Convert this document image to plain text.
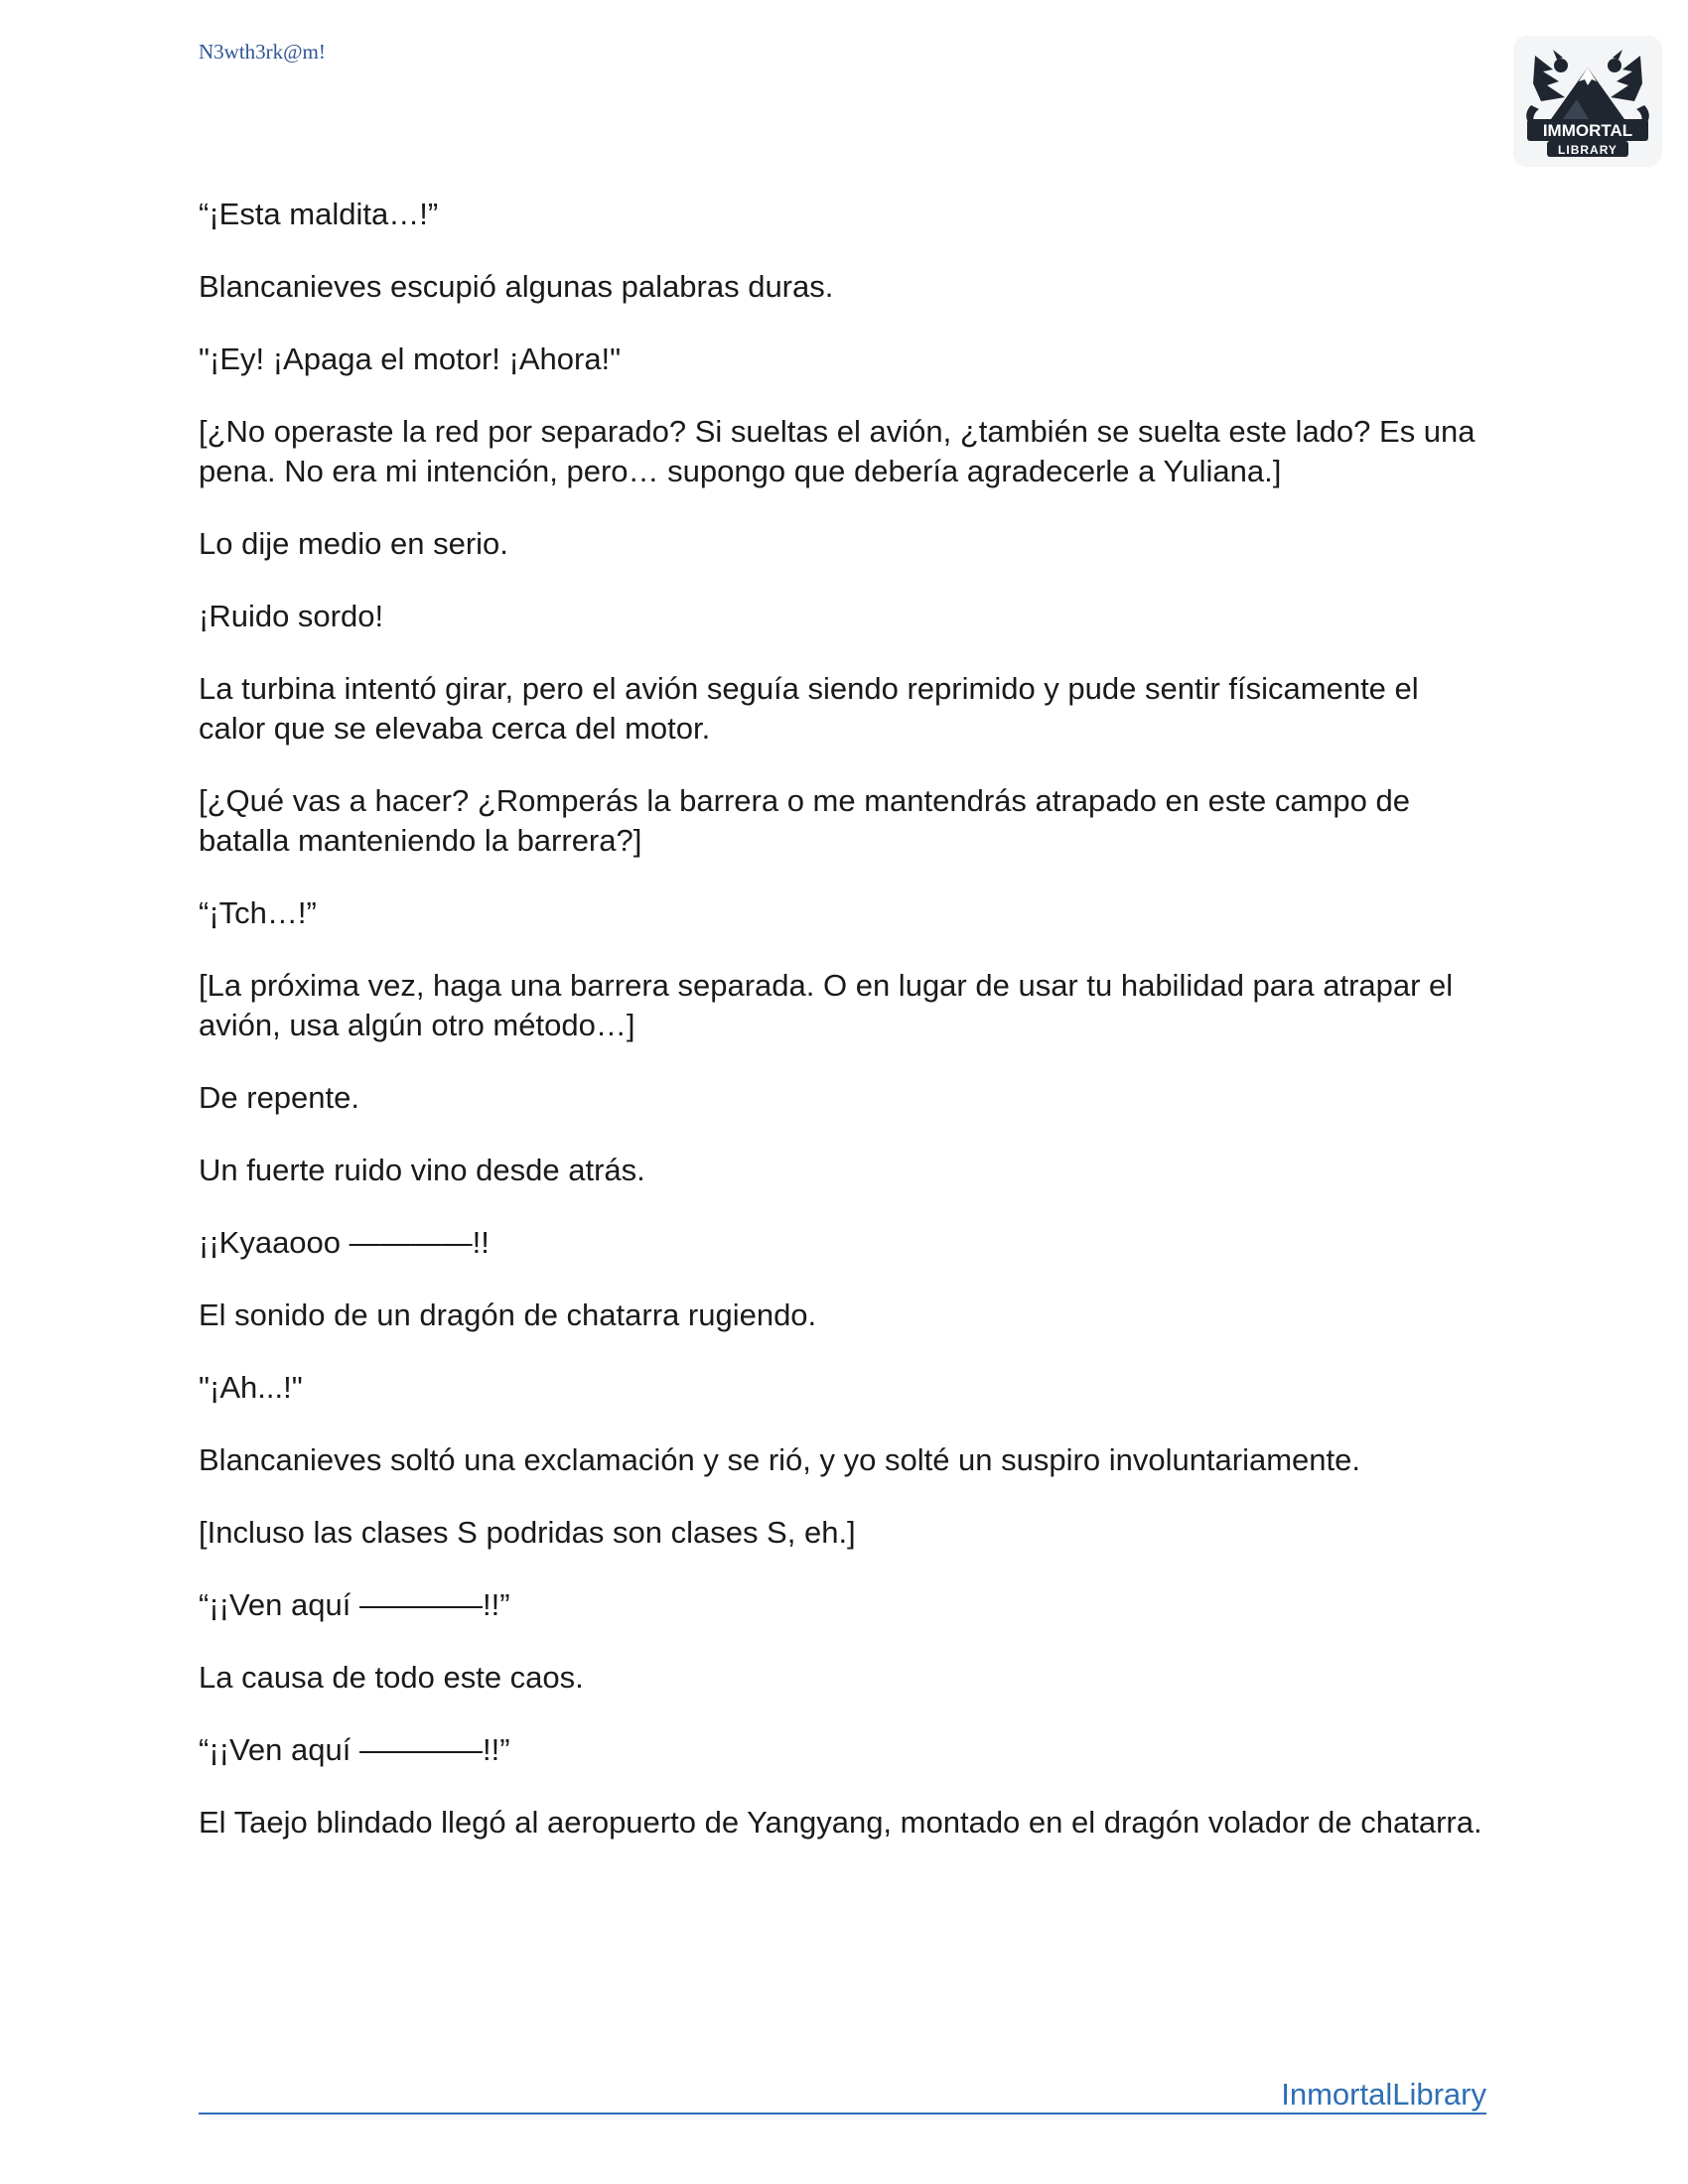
N3wth3rk@m!
IMMORTAL
LIBRARY

“¡Esta maldita…!”

Blancanieves escupió algunas palabras duras.

"¡Ey! ¡Apaga el motor! ¡Ahora!"

[¿No operaste la red por separado? Si sueltas el avión, ¿también se suelta este lado? Es una pena. No era mi intención, pero… supongo que debería agradecerle a Yuliana.]

Lo dije medio en serio.

¡Ruido sordo!

La turbina intentó girar, pero el avión seguía siendo reprimido y pude sentir físicamente el calor que se elevaba cerca del motor.

[¿Qué vas a hacer? ¿Romperás la barrera o me mantendrás atrapado en este campo de batalla manteniendo la barrera?]

“¡Tch…!”

[La próxima vez, haga una barrera separada. O en lugar de usar tu habilidad para atrapar el avión, usa algún otro método…]

De repente.

Un fuerte ruido vino desde atrás.

¡¡Kyaaooo ————!!

El sonido de un dragón de chatarra rugiendo.

"¡Ah...!"

Blancanieves soltó una exclamación y se rió, y yo solté un suspiro involuntariamente.

[Incluso las clases S podridas son clases S, eh.]

“¡¡Ven aquí ————!!”

La causa de todo este caos.

“¡¡Ven aquí ————!!”

El Taejo blindado llegó al aeropuerto de Yangyang, montado en el dragón volador de chatarra.

InmortalLibrary
